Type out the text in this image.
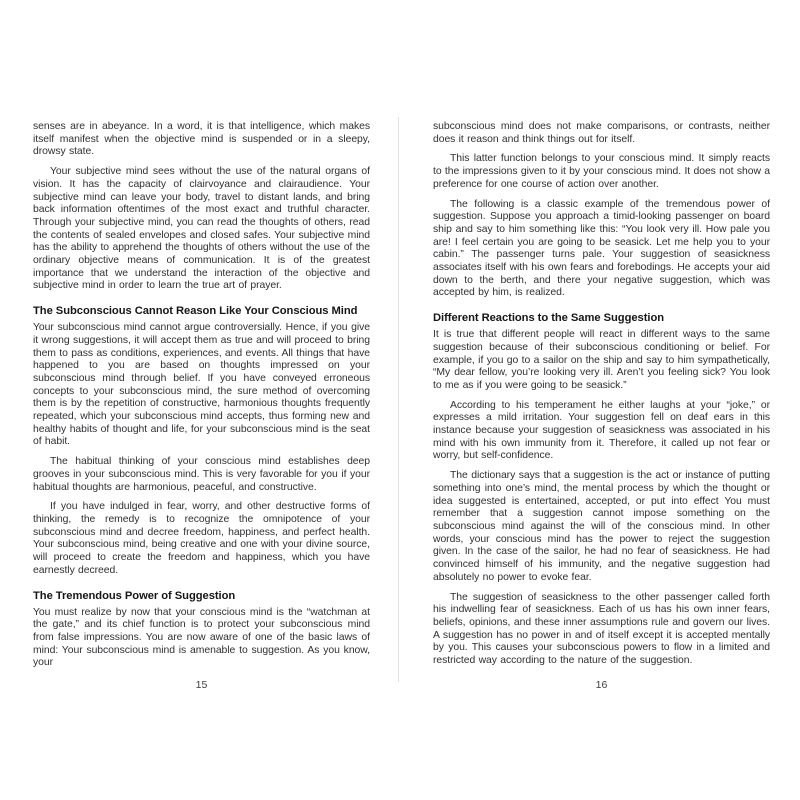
senses are in abeyance. In a word, it is that intelligence, which makes itself manifest when the objective mind is suspended or in a sleepy, drowsy state.

Your subjective mind sees without the use of the natural organs of vision. It has the capacity of clairvoyance and clairaudience. Your subjective mind can leave your body, travel to distant lands, and bring back information oftentimes of the most exact and truthful character. Through your subjective mind, you can read the thoughts of others, read the contents of sealed envelopes and closed safes. Your subjective mind has the ability to apprehend the thoughts of others without the use of the ordinary objective means of communication. It is of the greatest importance that we understand the interaction of the objective and subjective mind in order to learn the true art of prayer.

The Subconscious Cannot Reason Like Your Conscious Mind

Your subconscious mind cannot argue controversially. Hence, if you give it wrong suggestions, it will accept them as true and will proceed to bring them to pass as conditions, experiences, and events. All things that have happened to you are based on thoughts impressed on your subconscious mind through belief. If you have conveyed erroneous concepts to your subconscious mind, the sure method of overcoming them is by the repetition of constructive, harmonious thoughts frequently repeated, which your subconscious mind accepts, thus forming new and healthy habits of thought and life, for your subconscious mind is the seat of habit.

The habitual thinking of your conscious mind establishes deep grooves in your subconscious mind. This is very favorable for you if your habitual thoughts are harmonious, peaceful, and constructive.

If you have indulged in fear, worry, and other destructive forms of thinking, the remedy is to recognize the omnipotence of your subconscious mind and decree freedom, happiness, and perfect health. Your subconscious mind, being creative and one with your divine source, will proceed to create the freedom and happiness, which you have earnestly decreed.

The Tremendous Power of Suggestion

You must realize by now that your conscious mind is the “watchman at the gate,” and its chief function is to protect your subconscious mind from false impressions. You are now aware of one of the basic laws of mind: Your subconscious mind is amenable to suggestion. As you know, your

15

subconscious mind does not make comparisons, or contrasts, neither does it reason and think things out for itself.

This latter function belongs to your conscious mind. It simply reacts to the impressions given to it by your conscious mind. It does not show a preference for one course of action over another.

The following is a classic example of the tremendous power of suggestion. Suppose you approach a timid-looking passenger on board ship and say to him something like this: “You look very ill. How pale you are! I feel certain you are going to be seasick. Let me help you to your cabin.” The passenger turns pale. Your suggestion of seasickness associates itself with his own fears and forebodings. He accepts your aid down to the berth, and there your negative suggestion, which was accepted by him, is realized.

Different Reactions to the Same Suggestion

It is true that different people will react in different ways to the same suggestion because of their subconscious conditioning or belief. For example, if you go to a sailor on the ship and say to him sympathetically, “My dear fellow, you’re looking very ill. Aren’t you feeling sick? You look to me as if you were going to be seasick.”

According to his temperament he either laughs at your “joke,” or expresses a mild irritation. Your suggestion fell on deaf ears in this instance because your suggestion of seasickness was associated in his mind with his own immunity from it. Therefore, it called up not fear or worry, but self-confidence.

The dictionary says that a suggestion is the act or instance of putting something into one’s mind, the mental process by which the thought or idea suggested is entertained, accepted, or put into effect You must remember that a suggestion cannot impose something on the subconscious mind against the will of the conscious mind. In other words, your conscious mind has the power to reject the suggestion given. In the case of the sailor, he had no fear of seasickness. He had convinced himself of his immunity, and the negative suggestion had absolutely no power to evoke fear.

The suggestion of seasickness to the other passenger called forth his indwelling fear of seasickness. Each of us has his own inner fears, beliefs, opinions, and these inner assumptions rule and govern our lives. A suggestion has no power in and of itself except it is accepted mentally by you. This causes your subconscious powers to flow in a limited and restricted way according to the nature of the suggestion.

16
